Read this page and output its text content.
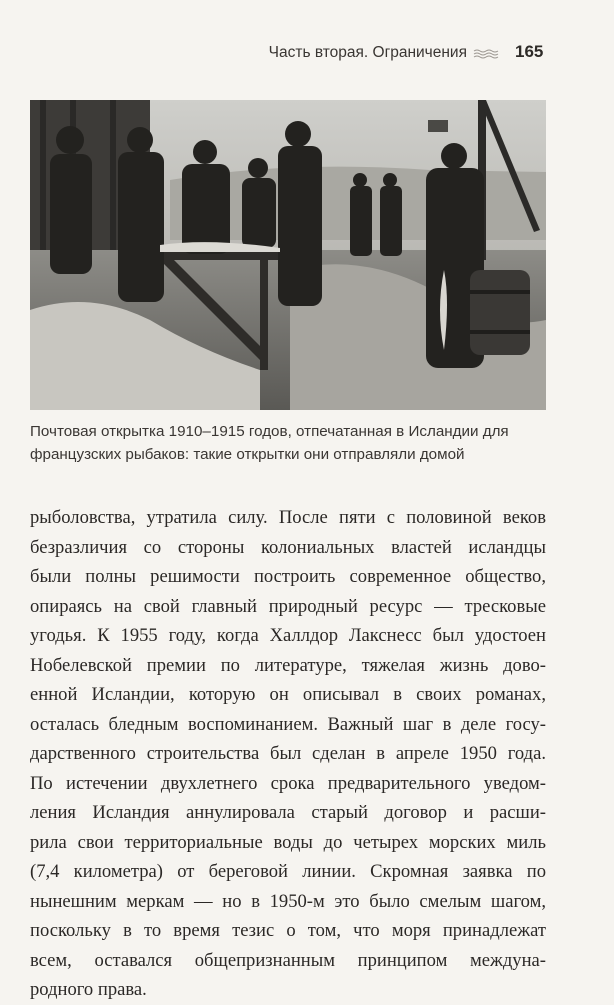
Часть вторая. Ограничения	165
Почтовая открытка 1910–1915 годов, отпечатанная в Исландии для
французских рыбаков: такие открытки они отправляли домой
рыболовства, утратила силу. После пяти с половиной веков
безразличия со стороны колониальных властей исландцы
были полны решимости построить современное общество,
опираясь на свой главный природный ресурс — тресковые
угодья. К 1955 году, когда Халлдор Лакснесс был удостоен
Нобелевской премии по литературе, тяжелая жизнь дово-
енной Исландии, которую он описывал в своих романах,
осталась бледным воспоминанием. Важный шаг в деле госу-
дарственного строительства был сделан в апреле 1950 года.
По истечении двухлетнего срока предварительного уведом-
ления Исландия аннулировала старый договор и расши-
рила свои территориальные воды до четырех морских миль
(7,4 километра) от береговой линии. Скромная заявка по
нынешним меркам — но в 1950-м это было смелым шагом,
поскольку в то время тезис о том, что моря принадлежат
всем, оставался общепризнанным принципом междуна-
родного права.
